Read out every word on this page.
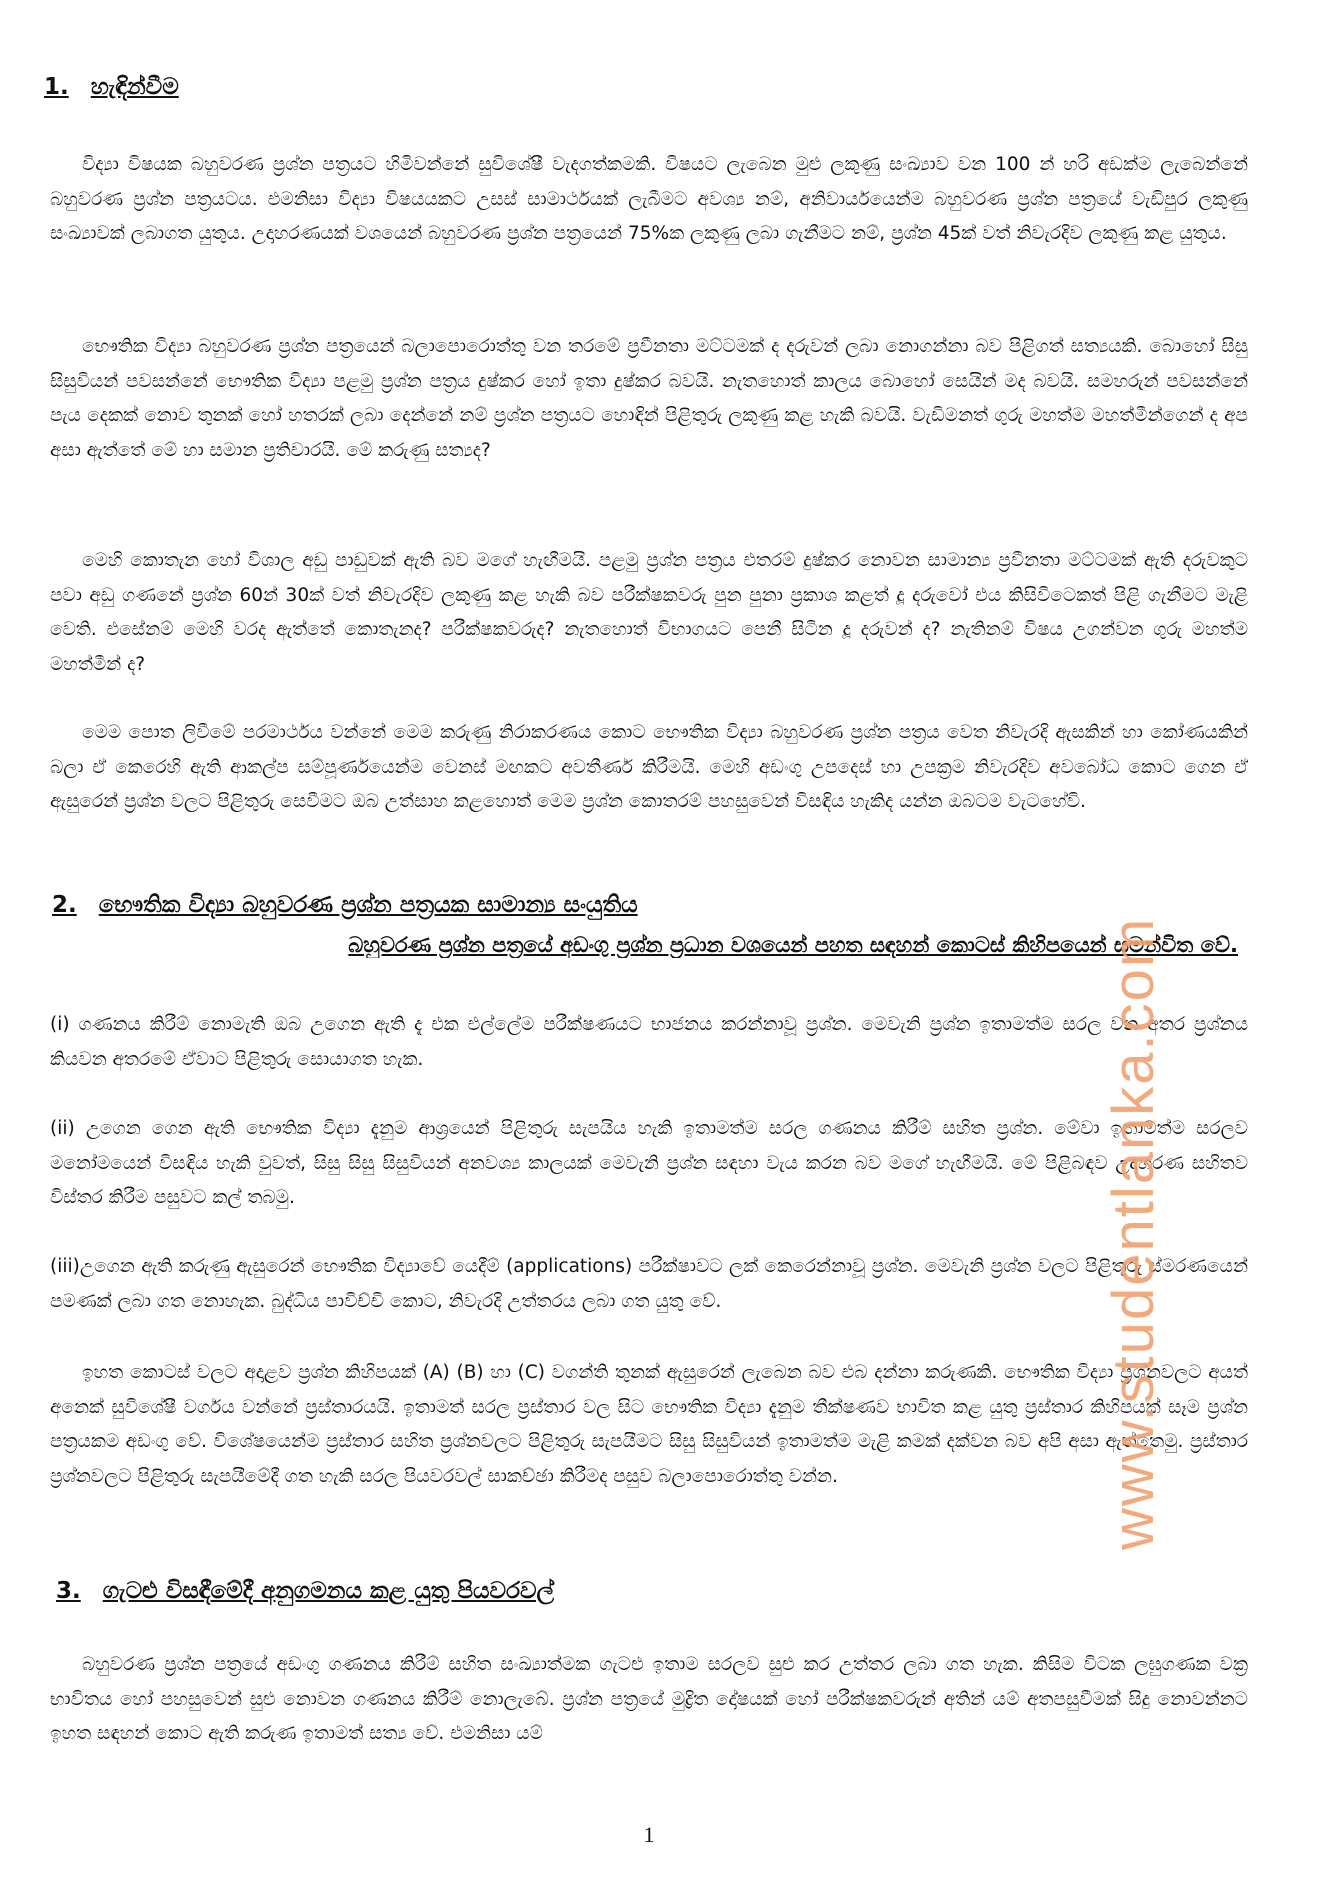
1. හැඳින්වීම

විද්‍යා විෂයක බහුවරණ ප්‍රශ්න පත්‍රයට හිමිවන්නේ සුවිශේෂී වැදගත්කමකි. විෂයට ලැබෙන මුළු ලකුණු සංඛ්‍යාව වන 100 න් හරි අඩක්ම ලැබෙන්නේ බහුවරණ ප්‍රශ්න පත්‍රයටය. එමනිසා විද්‍යා විෂයයකට උසස් සාමාර්ථයක් ලැබීමට අවශ්‍ය නම්, අනිවාර්යයෙන්ම බහුවරණ ප්‍රශ්න පත්‍රයේ වැඩිපුර ලකුණු සංඛ්‍යාවක් ලබාගත යුතුය. උදාහරණයක් වශයෙන් බහුවරණ ප්‍රශ්න පත්‍රයෙන් 75%ක ලකුණු ලබා ගැනීමට නම්, ප්‍රශ්න 45ක් වත් නිවැරදිව ලකුණු කළ යුතුය.

භෞතික විද්‍යා බහුවරණ ප්‍රශ්න පත්‍රයෙන් බලාපොරොත්තු වන තරමේ ප්‍රවීනතා මට්ටමක් ද දරුවන් ලබා නොගන්නා බව පිළිගත් සත්‍යයකි. බොහෝ සිසු සිසුවියන් පවසන්නේ භෞතික විද්‍යා පළමු ප්‍රශ්න පත්‍රය දුෂ්කර හෝ ඉතා දුෂ්කර බවයි. නැතහොත් කාලය බොහෝ සෙයින් මද බවයි. සමහරුන් පවසන්නේ පැය දෙකක් නොව තුනක් හෝ හතරක් ලබා දෙන්නේ නම් ප්‍රශ්න පත්‍රයට හොඳින් පිළිතුරු ලකුණු කළ හැකි බවයි. වැඩිමනත් ගුරු මහත්ම මහත්මීන්ගෙන් ද අප අසා ඇත්තේ මේ හා සමාන ප්‍රතිචාරයි. මේ කරුණු සත්‍යද?

මෙහි කොතැන හෝ විශාල අඩු පාඩුවක් ඇති බව මගේ හැඟීමයි. පළමු ප්‍රශ්න පත්‍රය එතරම් දුෂ්කර නොවන සාමාන්‍ය ප්‍රවීනතා මට්ටමක් ඇති දරුවකුට පවා අඩු ගණනේ ප්‍රශ්න 60න් 30ක් වත් නිවැරදිව ලකුණු කළ හැකි බව පරීක්ෂකවරු පුන පුනා ප්‍රකාශ කළත් දූ දරුවෝ එය කිසිවිටෙකත් පිළි ගැනීමට මැළි වෙති. එසේනම් මෙහි වරද ඇත්තේ කොතැනද? පරීක්ෂකවරුද? නැතහොත් විභාගයට පෙනී සිටින දූ දරුවන් ද? නැතිනම් විෂය උගන්වන ගුරු මහත්ම මහත්මීන් ද?

මෙම පොත ලිවීමේ පරමාර්ථය වන්නේ මෙම කරුණු නිරාකරණය කොට භෞතික විද්‍යා බහුවරණ ප්‍රශ්න පත්‍රය වෙත නිවැරදි ඇසකින් හා කෝණයකින් බලා ඒ කෙරෙහි ඇති ආකල්ප සම්පූර්ණයෙන්ම වෙනස් මඟකට අවතීර්ණ කිරීමයි. මෙහි අඩංගු උපදෙස් හා උපක්‍රම නිවැරදිව අවබෝධ කොට ගෙන ඒ ඇසුරෙන් ප්‍රශ්න වලට පිළිතුරු සෙවීමට ඔබ උත්සාහ කළහොත් මෙම ප්‍රශ්න කොතරම් පහසුවෙන් විසඳිය හැකිද යන්න ඔබටම වැටහේවි.

2. භෞතික විද්‍යා බහුවරණ ප්‍රශ්න පත්‍රයක සාමාන්‍ය සංයුතිය

බහුවරණ ප්‍රශ්න පත්‍රයේ අඩංගු ප්‍රශ්න ප්‍රධාන වශයෙන් පහත සඳහන් කොටස් කිහිපයෙන් සමන්විත වේ.

(i) ගණනය කිරීම් නොමැති ඔබ උගෙන ඇති දැ එක එල්ලේම පරීක්ෂණයට භාජනය කරන්නාවූ ප්‍රශ්න. මෙවැනි ප්‍රශ්න ඉතාමත්ම සරල වන අතර ප්‍රශ්නය කියවන අතරමේ ඒවාට පිළිතුරු සොයාගත හැක.

(ii) උගෙන ගෙන ඇති භෞතික විද්‍යා දැනුම ආශ්‍රයෙන් පිළිතුරු සැපයිය හැකි ඉතාමත්ම සරල ගණනය කිරීම් සහිත ප්‍රශ්න. මේවා ඉතාමත්ම සරලව මනෝමයෙන් විසඳිය හැකි වුවත්, සිසු සිසු සිසුවියන් අනවශ්‍ය කාලයක් මෙවැනි ප්‍රශ්න සඳහා වැය කරන බව මගේ හැඟීමයි. මේ පිළිබඳව උදාහරණ සහිතව විස්තර කිරීම පසුවට කල් තබමු.

(iii)උගෙන ඇති කරුණු ඇසුරෙන් භෞතික විද්‍යාවේ යෙදීම් (applications) පරීක්ෂාවට ලක් කෙරෙන්නාවූ ප්‍රශ්න. මෙවැනි ප්‍රශ්න වලට පිළිතුරු ස්මරණයෙන් පමණක් ලබා ගත නොහැක. බුද්ධිය පාවිච්චි කොට, නිවැරදි උත්තරය ලබා ගත යුතු වේ.

ඉහත කොටස් වලට අදාළව ප්‍රශ්න කිහිපයක් (A) (B) හා (C) වගන්ති තුනක් ඇසුරෙන් ලැබෙන බව එබ දන්නා කරුණකි. භෞතික විද්‍යා ප්‍රශ්නවලට අයත් අනෙක් සුවිශේෂී වර්ගය වන්නේ ප්‍රස්තාරයයි. ඉතාමත් සරල ප්‍රස්තාර වල සිට භෞතික විද්‍යා දැනුම තීක්ෂණව භාවිත කළ යුතු ප්‍රස්තාර කිහිපයක් සෑම ප්‍රශ්න පත්‍රයකම අඩංගු වේ. විශේෂයෙන්ම ප්‍රස්තාර සහිත ප්‍රශ්නවලට පිළිතුරු සැපයීමට සිසු සිසුවියන් ඉතාමත්ම මැළි කමක් දක්වන බව අපි අසා ඇත්තෙමු. ප්‍රස්තාර ප්‍රශ්නවලට පිළිතුරු සැපයීමේදී ගත හැකි සරල පියවරවල් සාකච්ඡා කිරීමද පසුව බලාපොරොත්තු වන්න.

3. ගැටළු විසඳීමේදී අනුගමනය කළ යුතු පියවරවල්

බහුවරණ ප්‍රශ්න පත්‍රයේ අඩංගු ගණනය කිරීම් සහිත සංඛ්‍යාත්මක ගැටළු ඉතාම සරලව සුළු කර උත්තර ලබා ගත හැක. කිසිම විටක ලඝුගණක වක්‍ර භාවිතය හෝ පහසුවෙන් සුළු නොවන ගණනය කිරීම් නොලැබේ. ප්‍රශ්න පත්‍රයේ මුද්‍රිත දෝෂයක් හෝ පරීක්ෂකවරුන් අතින් යම් අතපසුවීමක් සිදු නොවන්නට ඉහත සඳහන් කොට ඇති කරුණ ඉතාමත් සත්‍ය වේ. එමනිසා යම්

www.studentlanka.com
1
